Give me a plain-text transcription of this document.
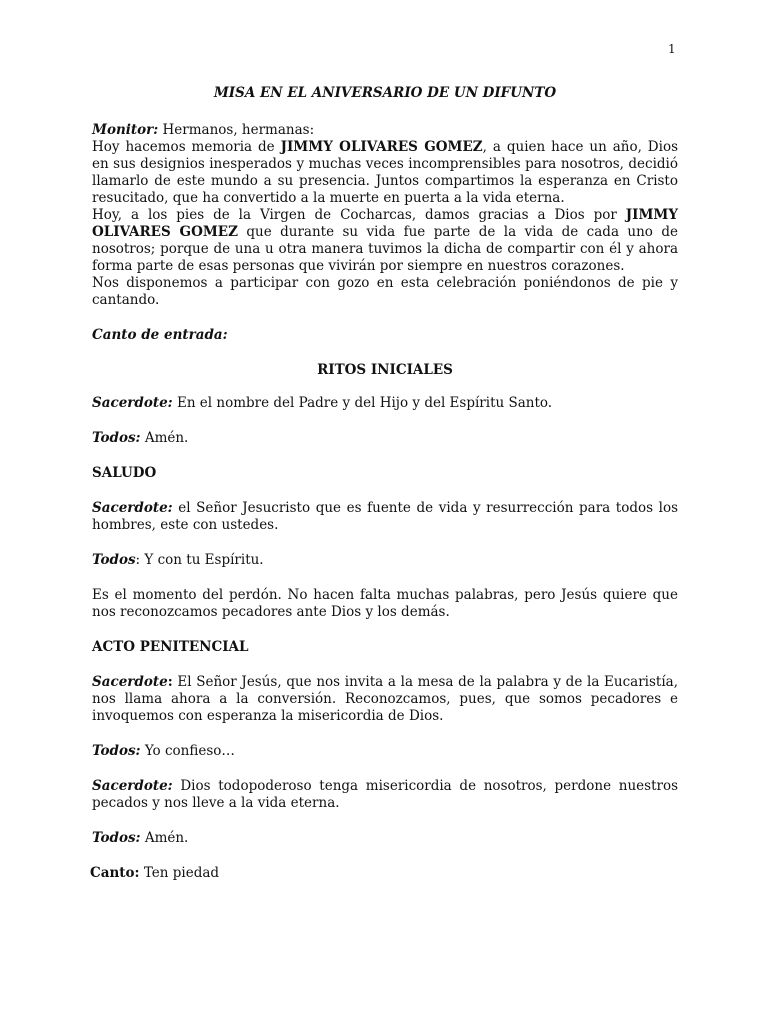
1
MISA EN EL ANIVERSARIO DE UN DIFUNTO

Monitor: Hermanos, hermanas:

Hoy hacemos memoria de JIMMY OLIVARES GOMEZ, a quien hace un año, Dios en sus designios inesperados y muchas veces incomprensibles para nosotros, decidió llamarlo de este mundo a su presencia. Juntos compartimos la esperanza en Cristo resucitado, que ha convertido a la muerte en puerta a la vida eterna.

Hoy, a los pies de la Virgen de Cocharcas, damos gracias a Dios por JIMMY OLIVARES GOMEZ que durante su vida fue parte de la vida de cada uno de nosotros; porque de una u otra manera tuvimos la dicha de compartir con él y ahora forma parte de esas personas que vivirán por siempre en nuestros corazones.

Nos disponemos a participar con gozo en esta celebración poniéndonos de pie y cantando.

Canto de entrada:

RITOS INICIALES

Sacerdote: En el nombre del Padre y del Hijo y del Espíritu Santo.

Todos: Amén.

SALUDO

Sacerdote: el Señor Jesucristo que es fuente de vida y resurrección para todos los hombres, este con ustedes.

Todos: Y con tu Espíritu.

Es el momento del perdón. No hacen falta muchas palabras, pero Jesús quiere que nos reconozcamos pecadores ante Dios y los demás.

ACTO PENITENCIAL

Sacerdote: El Señor Jesús, que nos invita a la mesa de la palabra y de la Eucaristía, nos llama ahora a la conversión. Reconozcamos, pues, que somos pecadores e invoquemos con esperanza la misericordia de Dios.

Todos: Yo confieso…

Sacerdote: Dios todopoderoso tenga misericordia de nosotros, perdone nuestros pecados y nos lleve a la vida eterna.

Todos: Amén.

Canto: Ten piedad
